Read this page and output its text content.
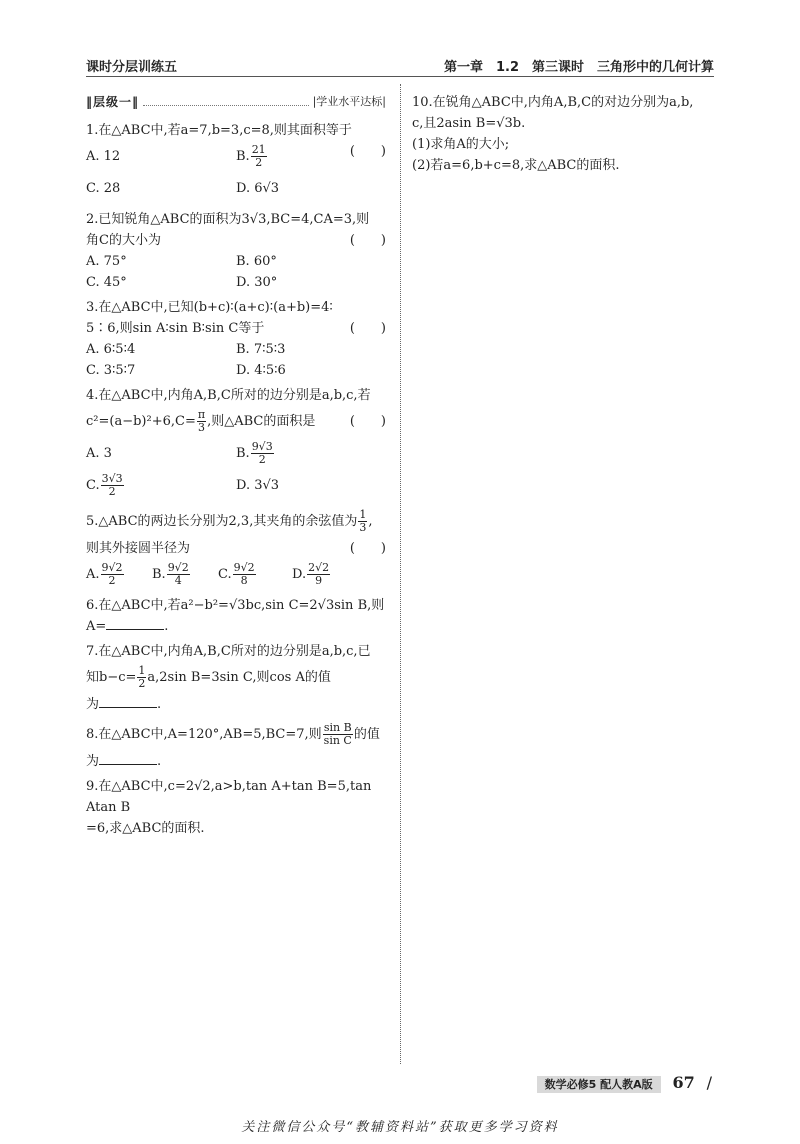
课时分层训练五	第一章　1.2　第三课时　三角形中的几何计算
‖层级一‖	|学业水平达标|
1.在△ABC中,若a=7,b=3,c=8,则其面积等于
(　　)
A. 12	B. $\frac{21}{2}$
C. 28	D. 6√3
2.已知锐角△ABC的面积为3√3,BC=4,CA=3,则
角C的大小为	(　　)
A. 75°	B. 60°
C. 45°	D. 30°
3.在△ABC中,已知(b+c)∶(a+c)∶(a+b)=4∶
5∶6,则sin A∶sin B∶sin C等于	(　　)
A. 6∶5∶4	B. 7∶5∶3
C. 3∶5∶7	D. 4∶5∶6
4.在△ABC中,内角A,B,C所对的边分别是a,b,c,若
$c^2=(a-b)^2+6,C= \frac{\pi}{3}$ ,则△ABC的面积是	(　　)
A. 3	B. $\frac{9√3}{2}$
C. $\frac{3√3}{2}$	D. 3√3
5.△ABC的两边长分别为2,3,其夹角的余弦值为 $\frac{1}{3}$ ,
则其外接圆半径为	(　　)
A. $\frac{9√2}{2} B$. $\frac{9√2}{4} C$. $\frac{9√2}{8}$	D. $\frac{2√2}{9}$
6.在△ABC中,若a²−b²=√3bc,sin C=2√3sin B,则
A=	.
7.在△ABC中,内角A,B,C所对的边分别是a,b,c,已
知$b-c= \frac{1}{2} a,2\sin$ B=3sin C,则cos A的值
为	.
8.在△ABC中,A=120°,AB=5,BC=7,则 $\frac{\text{sin B}}{\text{sin C}}$ 的值
为	.
9.在△ABC中,c=2√2,a>b,tan A+tan B=5,tan Atan B
=6,求△ABC的面积.
10.在锐角△ABC中,内角A,B,C的对边分别为a,b,
c,且2asin B=√3b.
(1)求角A的大小;
(2)若a=6,b+c=8,求△ABC的面积.
数学必修5 配人教A版 67 /
关注微信公众号“教辅资料站”获取更多学习资料
